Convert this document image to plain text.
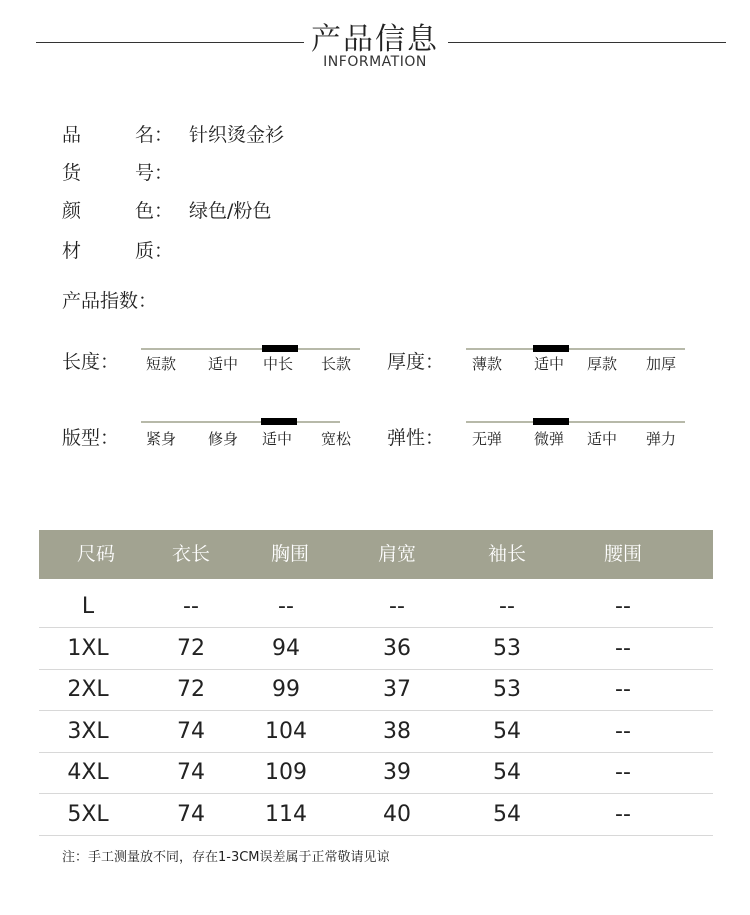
产品信息
INFORMATION
品	名： 针织烫金衫
货	号：
颜	色： 绿色/粉色
材	质：
产品指数：
长度： 短款 适中 中长 长款 厚度： 薄款 适中 厚款 加厚
版型： 紧身 修身 适中 宽松 弹性： 无弹 微弹 适中 弹力
尺码	衣长	胸围	肩宽	袖长	腰围
L	--	--	--	--	--
1XL	72	94	36	53	--
2XL	72	99	37	53	--
3XL	74	104	38	54	--
4XL	74	109	39	54	--
5XL	74	114	40	54	--
注：手工测量放不同，存在1-3CM误差属于正常敬请见谅
